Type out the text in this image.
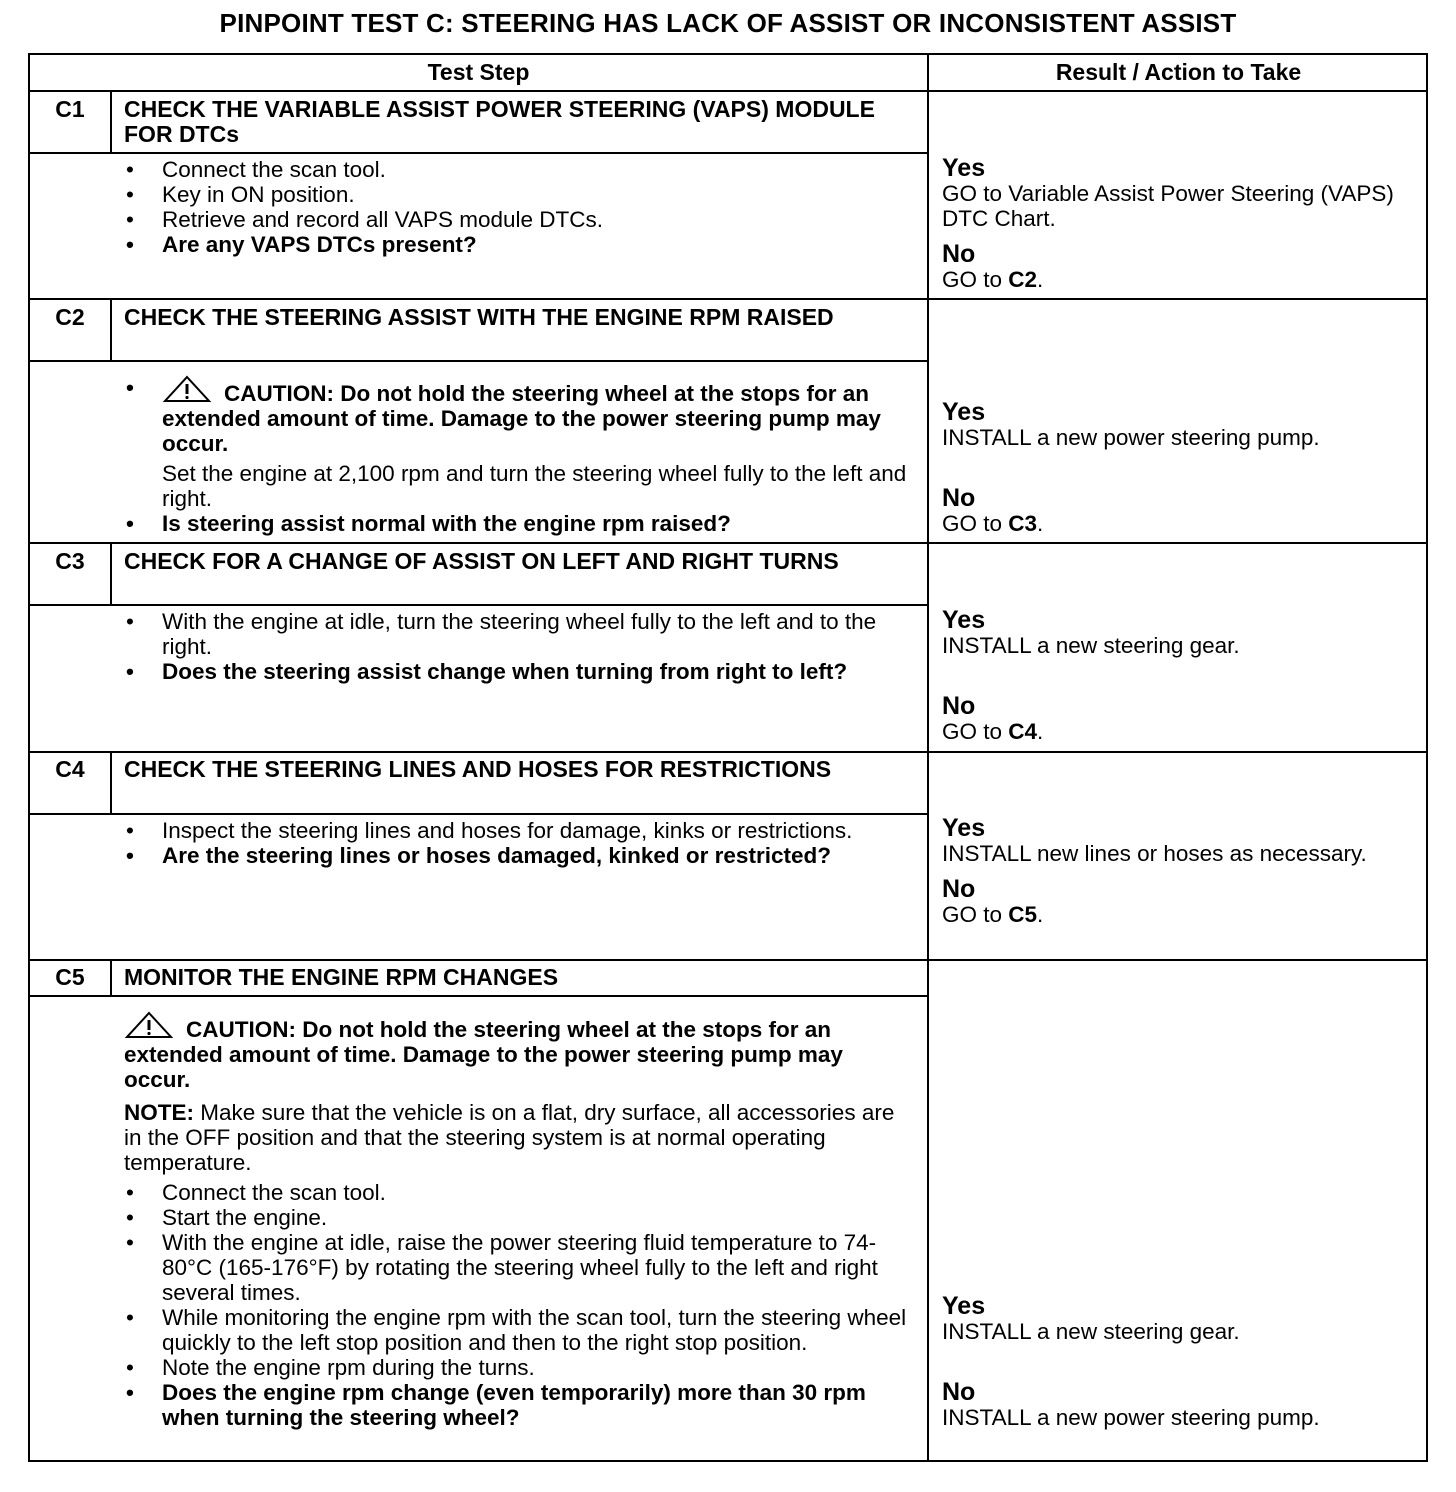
PINPOINT TEST C: STEERING HAS LACK OF ASSIST OR INCONSISTENT ASSIST
Test Step	Result / Action to Take
C1	CHECK THE VARIABLE ASSIST POWER STEERING (VAPS) MODULE FOR DTCs
• Connect the scan tool.
• Key in ON position.
• Retrieve and record all VAPS module DTCs.
• Are any VAPS DTCs present?
Yes
GO to Variable Assist Power Steering (VAPS) DTC Chart.
No
GO to C2.
C2	CHECK THE STEERING ASSIST WITH THE ENGINE RPM RAISED
• CAUTION: Do not hold the steering wheel at the stops for an extended amount of time. Damage to the power steering pump may occur.
Set the engine at 2,100 rpm and turn the steering wheel fully to the left and right.
• Is steering assist normal with the engine rpm raised?
Yes
INSTALL a new power steering pump.
No
GO to C3.
C3	CHECK FOR A CHANGE OF ASSIST ON LEFT AND RIGHT TURNS
• With the engine at idle, turn the steering wheel fully to the left and to the right.
• Does the steering assist change when turning from right to left?
Yes
INSTALL a new steering gear.
No
GO to C4.
C4	CHECK THE STEERING LINES AND HOSES FOR RESTRICTIONS
• Inspect the steering lines and hoses for damage, kinks or restrictions.
• Are the steering lines or hoses damaged, kinked or restricted?
Yes
INSTALL new lines or hoses as necessary.
No
GO to C5.
C5	MONITOR THE ENGINE RPM CHANGES
CAUTION: Do not hold the steering wheel at the stops for an extended amount of time. Damage to the power steering pump may occur.
NOTE: Make sure that the vehicle is on a flat, dry surface, all accessories are in the OFF position and that the steering system is at normal operating temperature.
• Connect the scan tool.
• Start the engine.
• With the engine at idle, raise the power steering fluid temperature to 74-80°C (165-176°F) by rotating the steering wheel fully to the left and right several times.
• While monitoring the engine rpm with the scan tool, turn the steering wheel quickly to the left stop position and then to the right stop position.
• Note the engine rpm during the turns.
• Does the engine rpm change (even temporarily) more than 30 rpm when turning the steering wheel?
Yes
INSTALL a new steering gear.
No
INSTALL a new power steering pump.
